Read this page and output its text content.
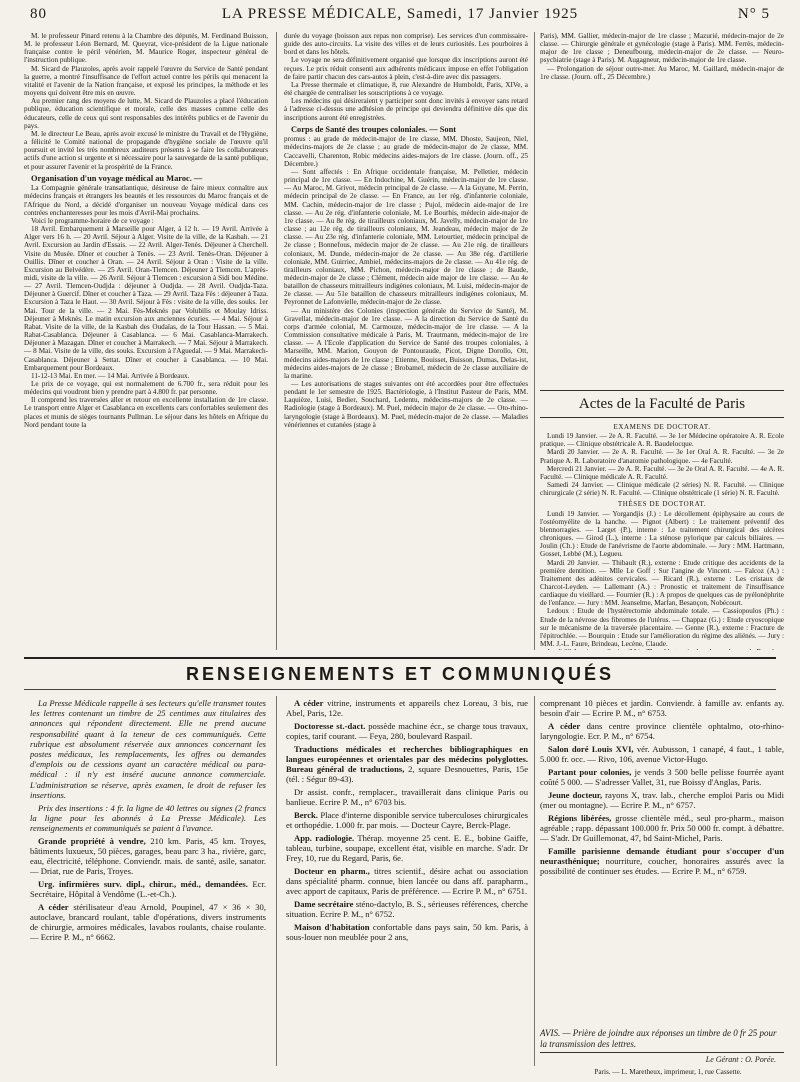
80	LA PRESSE MÉDICALE, Samedi, 17 Janvier 1925	N° 5

M. le professeur Pinard retenu à la Chambre des députés, M. Ferdinand Buisson, M. le professeur Léon Bernard, M. Queyrat, vice-président de la Ligue nationale française contre le péril vénérien, M. Maurice Roger, inspecteur général de l'instruction publique.

M. Sicard de Plauzoles, après avoir rappelé l'œuvre du Service de Santé pendant la guerre, a montré l'insuffisance de l'effort actuel contre les périls qui menacent la vitalité et l'avenir de la Nation française, et exposé les principes, la méthode et les moyens qui doivent être mis en œuvre.

Au premier rang des moyens de lutte, M. Sicard de Plauzoles a placé l'éducation publique, éducation scientifique et morale, celle des masses comme celle des éducateurs, celle de ceux qui sont responsables des intérêts publics et de l'avenir du pays.

M. le directeur Le Beau, après avoir excusé le ministre du Travail et de l'Hygiène, a félicité le Comité national de propagande d'hygiène sociale de l'œuvre qu'il poursuit et invité les très nombreux auditeurs présents à se faire les collaborateurs actifs d'une action si urgente et si nécessaire pour la sauvegarde de la santé publique, et pour assurer l'avenir et la prospérité de la France.

Organisation d'un voyage médical au Maroc. —

La Compagnie générale transatlantique, désireuse de faire mieux connaître aux médecins français et étrangers les beautés et les ressources du Maroc français et de l'Afrique du Nord, a décidé d'organiser un nouveau Voyage médical dans ces contrées enchanteresses pour les mois d'Avril-Mai prochains.

Voici le programme-horaire de ce voyage :

18 Avril. Embarquement à Marseille pour Alger, à 12 h. — 19 Avril. Arrivée à Alger vers 16 h. — 20 Avril. Séjour à Alger. Visite de la ville, de la Kasbah. — 21 Avril. Excursion au Jardin d'Essais. — 22 Avril. Alger-Tenès. Déjeuner à Cherchell. Visite du Musée. Dîner et coucher à Tenès. — 23 Avril. Tenès-Oran. Déjeuner à Ouillis. Dîner et coucher à Oran. — 24 Avril. Séjour à Oran : Visite de la ville. Excursion au Belvédère. — 25 Avril. Oran-Tlemcen. Déjeuner à Tlemcen. L'après-midi, visite de la ville. — 26 Avril. Séjour à Tlemcen : excursion à Sidi bou Médine. — 27 Avril. Tlemcen-Oudjda : déjeuner à Oudjda. — 28 Avril. Oudjda-Taza. Déjeuner à Guercif. Dîner et coucher à Taza. — 29 Avril. Taza Fès : déjeuner à Taza. Excursion à Taza le Haut. — 30 Avril. Séjour à Fès : visite de la ville, des souks. 1er Mai. Tour de la ville. — 2 Mai. Fès-Meknès par Volubilis et Moulay Idriss. Déjeuner à Meknès. Le matin excursion aux anciennes écuries. — 4 Mai. Séjour à Rabat. Visite de la ville, de la Kasbah des Oudaïas, de la Tour Hassan. — 5 Mai. Rabat-Casablanca. Déjeuner à Casablanca. — 6 Mai. Casablanca-Marrakech. Déjeuner à Mazagan. Dîner et coucher à Marrakech. — 7 Mai. Séjour à Marrakech. — 8 Mai. Visite de la ville, des souks. Excursion à l'Aguedal. — 9 Mai. Marrakech-Casablanca. Déjeuner à Settat. Dîner et coucher à Casablanca. — 10 Mai. Embarquement pour Bordeaux.

11-12-13 Mai. En mer. — 14 Mai. Arrivée à Bordeaux.

Le prix de ce voyage, qui est normalement de 6.700 fr., sera réduit pour les médecins qui voudront bien y prendre part à 4.800 fr. par personne.

Il comprend les traversées aller et retour en excellente installation de 1re classe. Le transport entre Alger et Casablanca en excellents cars confortables seulement des places et munis de sièges tournants Pullman. Le séjour dans les hôtels en Afrique du Nord pendant toute la

durée du voyage (boisson aux repas non comprise). Les services d'un commissaire-guide des auto-circuits. La visite des villes et de leurs curiosités. Les pourboires à bord et dans les hôtels.

Le voyage ne sera définitivement organisé que lorsque dix inscriptions auront été reçues. Le prix réduit consenti aux adhérents médicaux impose en effet l'obligation de faire partir chacun des cars-autos à plein, c'est-à-dire avec dix passagers.

La Presse thermale et climatique, 8, rue Alexandre de Humboldt, Paris, XIVe, a été chargée de centraliser les souscriptions à ce voyage.

Les médecins qui désireraient y participer sont donc invités à envoyer sans retard à l'adresse ci-dessus une adhésion de principe qui deviendra définitive dès que dix inscriptions auront été enregistrées.

Corps de Santé des troupes coloniales. — Sont

promus : au grade de médecin-major de 1re classe, MM. Dhoste, Saujeon, Niel, médecins-majors de 2e classe ; au grade de médecin-major de 2e classe, MM. Caccavelli, Charenton, Robic médecins aides-majors de 1re classe. (Journ. off., 25 Décembre.)

— Sont affectés : En Afrique occidentale française, M. Pelletier, médecin principal de 1re classe. — En Indochine, M. Guérin, médecin-major de 1re classe. — Au Maroc, M. Grivot, médecin principal de 2e classe. — A la Guyane, M. Perrin, médecin principal de 2e classe. — En France, au 1er rég. d'infanterie coloniale, MM. Cachin, médecin-major de 1re classe ; Pujol, médecin aide-major de 1re classe. — Au 2e rég. d'infanterie coloniale, M. Le Bourhis, médecin aide-major de 1re classe. — Au 8e rég. de tirailleurs coloniaux, M. Javelly, médecin-major de 1re classe ; au 12e rég. de tirailleurs coloniaux, M. Jeandeau, médecin major de 2e classe. — Au 23e rég. d'infanterie coloniale, MM. Letourtier, médecin principal de 2e classe ; Bonnefous, médecin major de 2e classe. — Au 21e rég. de tirailleurs coloniaux, M. Dunde, médecin-major de 2e classe. — Au 38e rég. d'artillerie coloniale, MM. Guirriec, Ambiel, médecins-majors de 2e classe. — Au 41e rég. de tirailleurs coloniaux, MM. Pichon, médecin-major de 1re classe ; de Baude, médecin-major de 2e classe ; Clément, médecin aide major de 1re classe. — Au 4e bataillon de chasseurs mitrailleurs indigènes coloniaux, M. Luisi, médecin-major de 2e classe. — Au 51e bataillon de chasseurs mitrailleurs indigènes coloniaux, M. Peyronnet de Lafonvielle, médecin-major de 2e classe.

— Au ministère des Colonies (inspection générale du Service de Santé), M. Gravellat, médecin-major de 1re classe. — A la direction du Service de Santé du corps d'armée colonial, M. Carmouze, médecin-major de 1re classe. — A la Commission consultative médicale à Paris, M. Trautmann, médecin-major de 1re classe. — A l'Ecole d'application du Service de Santé des troupes coloniales, à Marseille, MM. Marion, Gouyon de Pontouraude, Picot, Digne Dorollo, Ott, médecins aides-majors de 1re classe ; Etienne, Bouisset, Buisson, Dumas, Delas-ist, médecins aides-majors de 2e classe ; Brobamel, médecin de 2e classe auxiliaire de la marine.

— Les autorisations de stages suivantes ont été accordées pour être effectuées pendant le 1er semestre de 1925. Bactériologie, à l'Institut Pasteur de Paris, MM. Laquièze, Luisi, Bedier, Souchard, Ledentu, médecins-majors de 2e classe. — Radiologie (stage à Bordeaux). M. Puel, médecin major de 2e classe. — Oto-rhino-laryngologie (stage à Bordeaux). M. Puel, médecin-major de 2e classe. — Maladies vénériennes et cutanées (stage à

Paris), MM. Gallier, médecin-major de 1re classe ; Mazurié, médecin-major de 2e classe. — Chirurgie générale et gynécologie (stage à Paris). MM. Ferrès, médecin-major de 1re classe ; Deneufbourg, médecin-major de 2e classe. — Neuro-psychiatrie (stage à Paris). M. Augagneur, médecin-major de 1re classe.

— Prolongation de séjour outre-mer. Au Maroc, M. Gaillard, médecin-major de 1re classe. (Journ. off., 25 Décembre.)

Actes de la Faculté de Paris
EXAMENS DE DOCTORAT.

Lundi 19 Janvier. — 2e A. R. Faculté. — 3e 1er Médecine opératoire A. R. Ecole pratique. — Clinique obstétricale A. R. Baudelocque.

Mardi 20 Janvier. — 2e A. R. Faculté. — 3e 1er Oral A. R. Faculté. — 3e 2e Pratique A. R. Laboratoire d'anatomie pathologique. — 4e Faculté.

Mercredi 21 Janvier. — 2e A. R. Faculté. — 3e 2e Oral A. R. Faculté. — 4e A. R. Faculté. — Clinique médicale A. R. Faculté.

Samedi 24 Janvier. — Clinique médicale (2 séries) N. R. Faculté. — Clinique chirurgicale (2 série) N. R. Faculté. — Clinique obstétricale (1 série) N. R. Faculté.

THÈSES DE DOCTORAT.

Lundi 19 Janvier. — Yorgandjis (J.) : Le décollement épiphysaire au cours de l'ostéomyélite de la hanche. — Pignot (Albert) : Le traitement préventif des blennorragies. — Larget (P.), interne : Le traitement chirurgical des ulcères chroniques. — Girod (L.), interne : La sténose pylorique par calculs biliaires. — Joulin (Ch.) : Etude de l'anévrisme de l'aorte abdominale. — Jury : MM. Hartmann, Gosset, Lebbé (M.), Legueu.

Mardi 20 Janvier. — Thibault (R.), externe : Etude critique des accidents de la première dentition. — Mlle Le Goff : Sur l'angine de Vincent. — Falcoz (A.) : Traitement des adénites cervicales. — Ricard (R.), externe : Les cristaux de Charcot-Leyden. — Lallemant (A.) : Pronostic et traitement de l'insuffisance cardiaque du vieillard. — Fournier (R.) : A propos de quelques cas de pyélonéphrite de l'enfance. — Jury : MM. Jeanselme, Marfan, Besançon, Nobécourt.

Ledoux : Etude de l'hystérectomie abdominale totale. — Cassiopoulos (Ph.) : Etude de la névrose des fibromes de l'utérus. — Chappaz (G.) : Etude cryoscopique sur le mécanisme de la traversée placentaire. — Genne (R.), externe : Fracture de l'épitrochlée. — Bourquin : Etude sur l'amélioration du régime des aliénés. — Jury : MM. J.-L. Faure, Brindeau, Lecène, Claude.

RENSEIGNEMENTS ET COMMUNIQUÉS

La Presse Médicale rappelle à ses lecteurs qu'elle transmet toutes les lettres contenant un timbre de 25 centimes aux titulaires des annonces qui répondent directement. Elle ne prend aucune responsabilité quant à la teneur de ces communiqués. Cette rubrique est absolument réservée aux annonces concernant les postes médicaux, les remplacements, les offres ou demandes d'emplois ou de cessions ayant un caractère médical ou para-médical : il n'y est inséré aucune annonce commerciale. L'administration se réserve, après examen, le droit de refuser les insertions.

Prix des insertions : 4 fr. la ligne de 40 lettres ou signes (2 francs la ligne pour les abonnés à La Presse Médicale). Les renseignements et communiqués se paient à l'avance.

Grande propriété à vendre, 210 km. Paris, 45 km. Troyes, bâtiments luxueux, 50 pièces, garages, beau parc 3 ha., rivière, garc, eau, électricité, téléphone. Conviendr. mais. de santé, asile, sanator. — Driat, rue de Paris, Troyes.

Urg. infirmières surv. dipl., chirur., méd., demandées. Ecr. Secrétaire, Hôpital à Vendôme (L.-et-Ch.).

A céder stérilisateur d'eau Arnold, Poupinel, 47 × 36 × 30, autoclave, brancard roulant, table d'opérations, divers instruments de chirurgie, armoires médicales, lavabos roulants, chaise roulante. — Ecrire P. M., n° 6662.

A céder vitrine, instruments et appareils chez Loreau, 3 bis, rue Abel, Paris, 12e.

Doctoresse st.-dact. possède machine écr., se charge tous travaux, copies, tarif courant. — Feya, 280, boulevard Raspail.

Traductions médicales et recherches bibliographiques en langues européennes et orientales par des médecins polyglottes. Bureau général de traductions, 2, square Desnouettes, Paris, 15e (tél. : Ségur 89-43).

Dr assist. confr., remplacer., travaillerait dans clinique Paris ou banlieue. Ecrire P. M., n° 6703 bis.

Berck. Place d'interne disponible service tuberculoses chirurgicales et orthopédie. 1.000 fr. par mois. — Docteur Cayre, Berck-Plage.

App. radiologie. Thérap. moyenne 25 cent. E. E., bobine Gaiffe, tableau, turbine, soupape, excellent état, visible en marche. S'adr. Dr Frey, 10, rue du Regard, Paris, 6e.

Docteur en pharm., titres scientif., désire achat ou association dans spécialité pharm. connue, bien lancée ou dans aff. parapharm., avec apport de capitaux, Paris de préférence. — Ecrire P. M., n° 6751.

Dame secrétaire sténo-dactylo, B. S., sérieuses références, cherche situation. Ecrire P. M., n° 6752.

Maison d'habitation confortable dans pays sain, 50 km. Paris, à sous-louer non meublée pour 2 ans,

comprenant 10 pièces et jardin. Conviendr. à famille av. enfants ay. besoin d'air — Ecrire P. M., n° 6753.

A céder dans centre province clientèle ophtalmo, oto-rhino-laryngologie. Ecr. P. M., n° 6754.

Salon doré Louis XVI, vér. Aubusson, 1 canapé, 4 faut., 1 table, 5.000 fr. occ. — Rivo, 106, avenue Victor-Hugo.

Partant pour colonies, je vends 3 500 belle pelisse fourrée ayant coûté 5 000. — S'adresser Vallet, 31, rue Boissy d'Anglas, Paris.

Jeune docteur, rayons X, trav. lab., cherche emploi Paris ou Midi (mer ou montagne). — Ecrire P. M., n° 6757.

Régions libérées, grosse clientèle méd., seul pro-pharm., maison agréable ; rapp. dépassant 100.000 fr. Prix 50 000 fr. compt. à débattre. — S'adr. Dr Guillemonat, 47, bd Saint-Michel, Paris.

Famille parisienne demande étudiant pour s'occuper d'un neurasthénique; nourriture, coucher, honoraires assurés avec la possibilité de continuer ses études. — Ecrire P. M., n° 6759.

AVIS. — Prière de joindre aux réponses un timbre de 0 fr 25 pour la transmission des lettres.
Le Gérant : O. Porée.
Paris. — L. Maretheux, imprimeur, 1, rue Cassette.
